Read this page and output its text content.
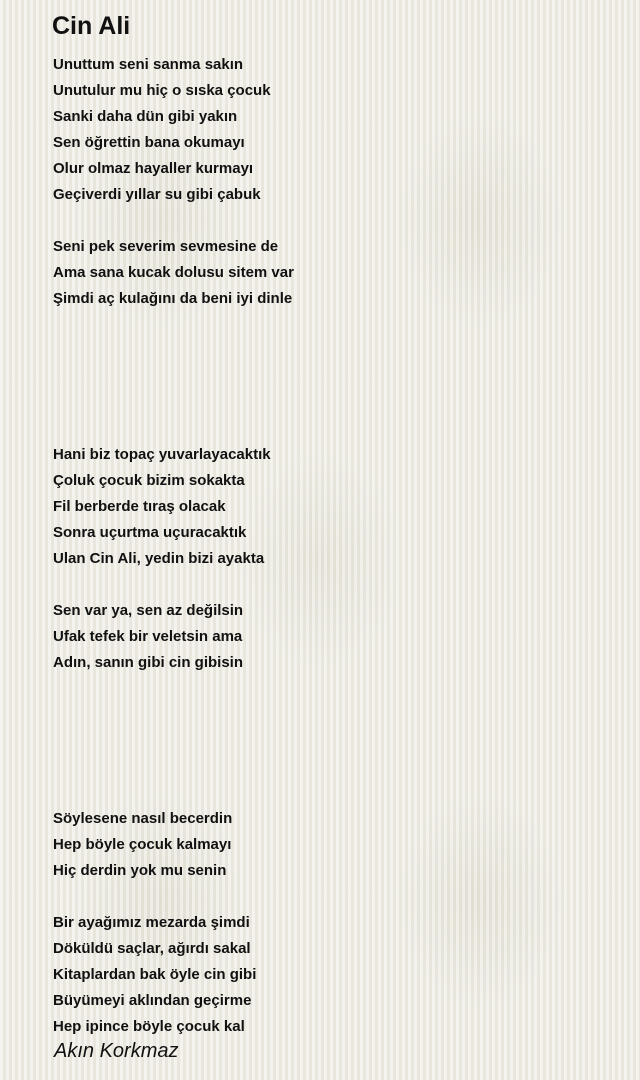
Cin Ali
Unuttum seni sanma sakın
Unutulur mu hiç o sıska çocuk
Sanki daha dün gibi yakın
Sen öğrettin bana okumayı
Olur olmaz hayaller kurmayı
Geçiverdi yıllar su gibi çabuk
Seni pek severim sevmesine de
Ama sana kucak dolusu sitem var
Şimdi aç kulağını da beni iyi dinle
Hani biz topaç yuvarlayacaktık
Çoluk çocuk bizim sokakta
Fil berberde tıraş olacak
Sonra uçurtma uçuracaktık
Ulan Cin Ali, yedin bizi ayakta
Sen var ya, sen az değilsin
Ufak tefek bir veletsin ama
Adın, sanın gibi cin gibisin
Söylesene nasıl becerdin
Hep böyle çocuk kalmayı
Hiç derdin yok mu senin
Bir ayağımız mezarda şimdi
Döküldü saçlar, ağırdı sakal
Kitaplardan bak öyle cin gibi
Büyümeyi aklından geçirme
Hep ipince böyle çocuk kal
Akın Korkmaz
